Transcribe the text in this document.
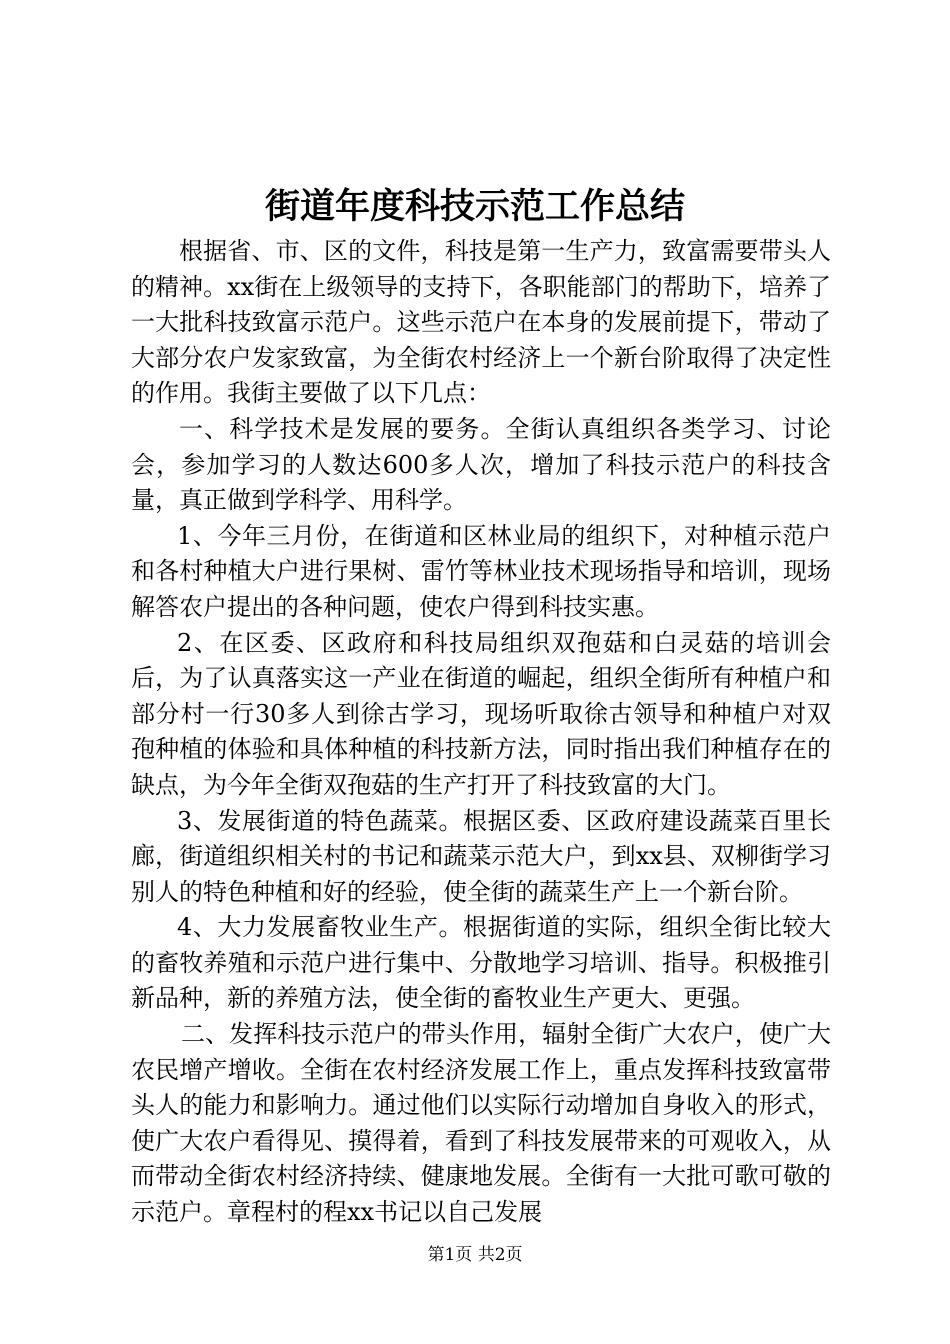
街道年度科技示范工作总结

根据省、市、区的文件，科技是第一生产力，致富需要带头人的精神。xx街在上级领导的支持下，各职能部门的帮助下，培养了一大批科技致富示范户。这些示范户在本身的发展前提下，带动了大部分农户发家致富，为全街农村经济上一个新台阶取得了决定性的作用。我街主要做了以下几点：

一、科学技术是发展的要务。全街认真组织各类学习、讨论会，参加学习的人数达600多人次，增加了科技示范户的科技含量，真正做到学科学、用科学。

1、今年三月份，在街道和区林业局的组织下，对种植示范户和各村种植大户进行果树、雷竹等林业技术现场指导和培训，现场解答农户提出的各种问题，使农户得到科技实惠。

2、在区委、区政府和科技局组织双孢菇和白灵菇的培训会后，为了认真落实这一产业在街道的崛起，组织全街所有种植户和部分村一行30多人到徐古学习，现场听取徐古领导和种植户对双孢种植的体验和具体种植的科技新方法，同时指出我们种植存在的缺点，为今年全街双孢菇的生产打开了科技致富的大门。

3、发展街道的特色蔬菜。根据区委、区政府建设蔬菜百里长廊，街道组织相关村的书记和蔬菜示范大户，到xx县、双柳街学习别人的特色种植和好的经验，使全街的蔬菜生产上一个新台阶。

4、大力发展畜牧业生产。根据街道的实际，组织全街比较大的畜牧养殖和示范户进行集中、分散地学习培训、指导。积极推引新品种，新的养殖方法，使全街的畜牧业生产更大、更强。

二、发挥科技示范户的带头作用，辐射全街广大农户，使广大农民增产增收。全街在农村经济发展工作上，重点发挥科技致富带头人的能力和影响力。通过他们以实际行动增加自身收入的形式，使广大农户看得见、摸得着，看到了科技发展带来的可观收入，从而带动全街农村经济持续、健康地发展。全街有一大批可歌可敬的示范户。章程村的程xx书记以自己发展

第1页 共2页
